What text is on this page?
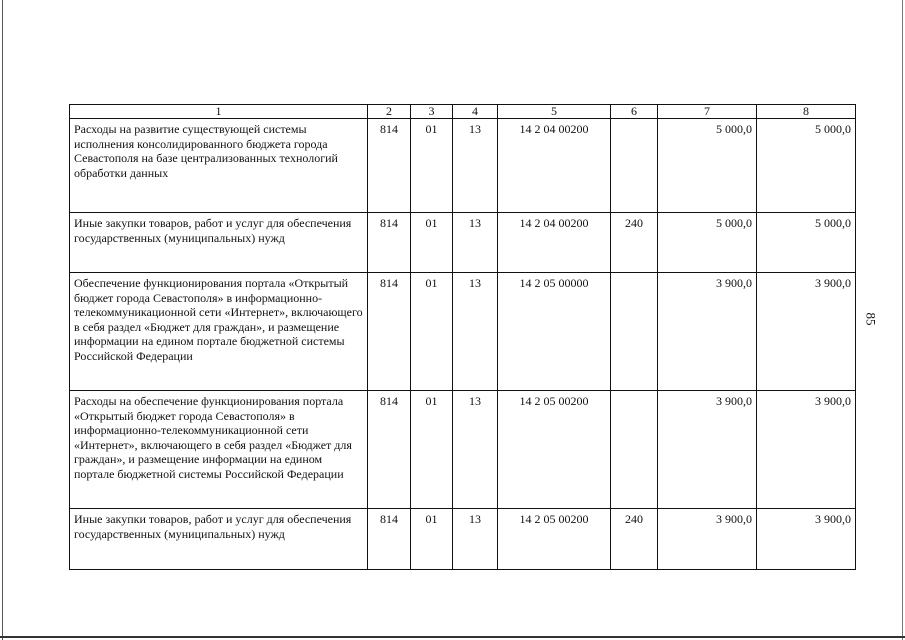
1	2	3	4	5	6	7	8
Расходы на развитие существующей системы исполнения консолидированного бюджета города Севастополя на базе централизованных технологий обработки данных	814	01	13	14 2 04 00200		5 000,0	5 000,0
Иные закупки товаров, работ и услуг для обеспечения государственных (муниципальных) нужд	814	01	13	14 2 04 00200	240	5 000,0	5 000,0
Обеспечение функционирования портала «Открытый бюджет города Севастополя» в информационно-телекоммуникационной сети «Интернет», включающего в себя раздел «Бюджет для граждан», и размещение информации на едином портале бюджетной системы Российской Федерации	814	01	13	14 2 05 00000		3 900,0	3 900,0
Расходы на обеспечение функционирования портала «Открытый бюджет города Севастополя» в информационно-телекоммуникационной сети «Интернет», включающего в себя раздел «Бюджет для граждан», и размещение информации на едином портале бюджетной системы Российской Федерации	814	01	13	14 2 05 00200		3 900,0	3 900,0
Иные закупки товаров, работ и услуг для обеспечения государственных (муниципальных) нужд	814	01	13	14 2 05 00200	240	3 900,0	3 900,0
85
